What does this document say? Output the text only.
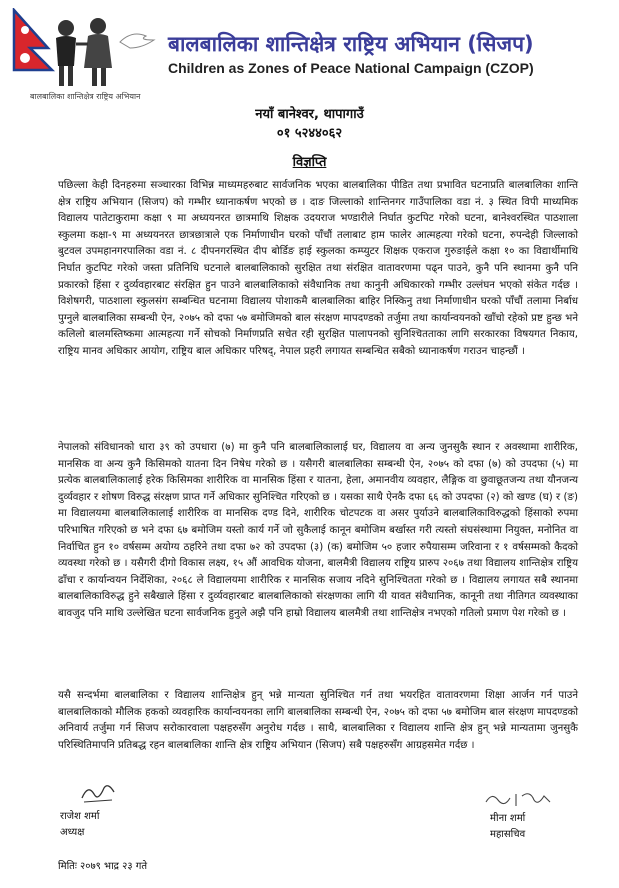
बालबालिका शान्तिक्षेत्र राष्ट्रिय अभियान (सिजप)
Children as Zones of Peace National Campaign (CZOP)
बालबालिका शान्तिक्षेत्र राष्ट्रिय अभियान
नयाँ बानेश्वर, थापागाउँ
०१ ५२४४०६२
विज्ञप्ति
पछिल्ला केही दिनहरुमा सञ्चारका विभिन्न माध्यमहरुबाट सार्वजनिक भएका बालबालिका पीडित तथा प्रभावित घटनाप्रति बालबालिका शान्ति क्षेत्र राष्ट्रिय अभियान (सिजप) को गम्भीर ध्यानाकर्षण भएको छ । दाङ जिल्लाको शान्तिनगर गाउँपालिका वडा नं. ३ स्थित विपी माध्यमिक विद्यालय पातेटाकुरामा कक्षा ९ मा अध्ययनरत छात्रमाथि शिक्षक उदयराज भण्डारीले निर्घात कुटपिट गरेको घटना, बानेश्वरस्थित पाठशाला स्कुलमा कक्षा-९ मा अध्ययनरत छात्रछात्राले एक निर्माणाधीन घरको पाँचौं तलाबाट हाम फालेर आत्महत्या गरेको घटना, रुपन्देही जिल्लाको बुटवल उपमहानगरपालिका वडा नं. ८ दीपनगरस्थित दीप बोर्डिङ हाई स्कुलका कम्प्युटर शिक्षक एकराज गुरुङाईले कक्षा १० का विद्यार्थीमाथि निर्घात कुटपिट गरेको जस्ता प्रतिनिधि घटनाले बालबालिकाको सुरक्षित तथा संरक्षित वातावरणमा पढ्न पाउने, कुनै पनि स्थानमा कुनै पनि प्रकारको हिंसा र दुर्व्यवहारबाट संरक्षित हुन पाउने बालबालिकाको संवैधानिक तथा कानुनी अधिकारको गम्भीर उल्लंघन भएको संकेत गर्दछ । विशेषगरी, पाठशाला स्कुलसंग सम्बन्धित घटनामा विद्यालय पोशाकमै बालबालिका बाहिर निस्किनु तथा निर्माणाधीन घरको पाँचौं तलामा निर्बाध पुग्नुले बालबालिका सम्बन्धी ऐन, २०७५ को दफा ५७ बमोजिमको बाल संरक्षण मापदण्डको तर्जुमा तथा कार्यान्वयनको खाँचो रहेको प्रष्ट हुन्छ भने कलिलो बालमस्तिष्कमा आत्महत्या गर्ने सोचको निर्माणप्रति सचेत रही सुरक्षित पालापनको सुनिश्चितताका लागि सरकारका विषयगत निकाय, राष्ट्रिय मानव अधिकार आयोग, राष्ट्रिय बाल अधिकार परिषद्, नेपाल प्रहरी लगायत सम्बन्धित सबैको ध्यानाकर्षण गराउन चाहन्छौं ।
नेपालको संविधानको धारा ३९ को उपधारा (७) मा कुनै पनि बालबालिकालाई घर, विद्यालय वा अन्य जुनसुकै स्थान र अवस्थामा शारीरिक, मानसिक वा अन्य कुनै किसिमको यातना दिन निषेध गरेको छ । यसैगरी बालबालिका सम्बन्धी ऐन, २०७५ को दफा (७) को उपदफा (५) मा प्रत्येक बालबालिकालाई हरेक किसिमका शारीरिक वा मानसिक हिंसा र यातना, हेला, अमानवीय व्यवहार, लैङ्गिक वा छुवाछूतजन्य तथा यौनजन्य दुर्व्यवहार र शोषण विरुद्ध संरक्षण प्राप्त गर्ने अधिकार सुनिश्चित गरिएको छ । यसका साथै ऐनकै दफा ६६ को उपदफा (२) को खण्ड (घ) र (ङ) मा विद्यालयमा बालबालिकालाई शारीरिक वा मानसिक दण्ड दिने, शारीरिक चोटपटक वा असर पुर्याउने बालबालिकाविरुद्धको हिंसाको रुपमा परिभाषित गरिएको छ भने दफा ६७ बमोजिम यस्तो कार्य गर्ने जो सुकैलाई कानून बमोजिम बर्खास्त गरी त्यस्तो संघसंस्थामा नियुक्त, मनोनित वा निर्वाचित हुन १० वर्षसम्म अयोग्य ठहरिने तथा दफा ७२ को उपदफा (३) (क) बमोजिम ५० हजार रुपैयासम्म जरिवाना र १ वर्षसम्मको कैदको व्यवस्था गरेको छ । यसैगरी दीगो विकास लक्ष्य, १५ औं आवधिक योजना, बालमैत्री विद्यालय राष्ट्रिय प्रारुप २०६७ तथा विद्यालय शान्तिक्षेत्र राष्ट्रिय ढाँचा र कार्यान्वयन निर्देशिका, २०६८ ले विद्यालयमा शारीरिक र मानसिक सजाय नदिने सुनिश्चितता गरेको छ । विद्यालय लगायत सबै स्थानमा बालबालिकाविरुद्ध हुने सबैखाले हिंसा र दुर्व्यवहारबाट बालबालिकाको संरक्षणका लागि यी यावत संवैधानिक, कानूनी तथा नीतिगत व्यवस्थाका बावजुद पनि माथि उल्लेखित घटना सार्वजनिक हुनुले अझै पनि हाम्रो विद्यालय बालमैत्री तथा शान्तिक्षेत्र नभएको गतिलो प्रमाण पेश गरेको छ ।
यसै सन्दर्भमा बालबालिका र विद्यालय शान्तिक्षेत्र हुन् भन्ने मान्यता सुनिश्चित गर्न तथा भयरहित वातावरणमा शिक्षा आर्जन गर्न पाउने बालबालिकाको मौलिक हकको व्यवहारिक कार्यान्वयनका लागि बालबालिका सम्बन्धी ऐन, २०७५ को दफा ५७ बमोजिम बाल संरक्षण मापदण्डको अनिवार्य तर्जुमा गर्न सिजप सरोकारवाला पक्षहरुसँग अनुरोध गर्दछ । साथै, बालबालिका र विद्यालय शान्ति क्षेत्र हुन् भन्ने मान्यतामा जुनसुकै परिस्थितिमापनि प्रतिबद्ध रहन बालबालिका शान्ति क्षेत्र राष्ट्रिय अभियान (सिजप) सबै पक्षहरुसँग आग्रहसमेत गर्दछ ।
राजेश शर्मा
अध्यक्ष
मीना शर्मा
महासचिव
मितिः २०७९ भाद्र २३ गते
